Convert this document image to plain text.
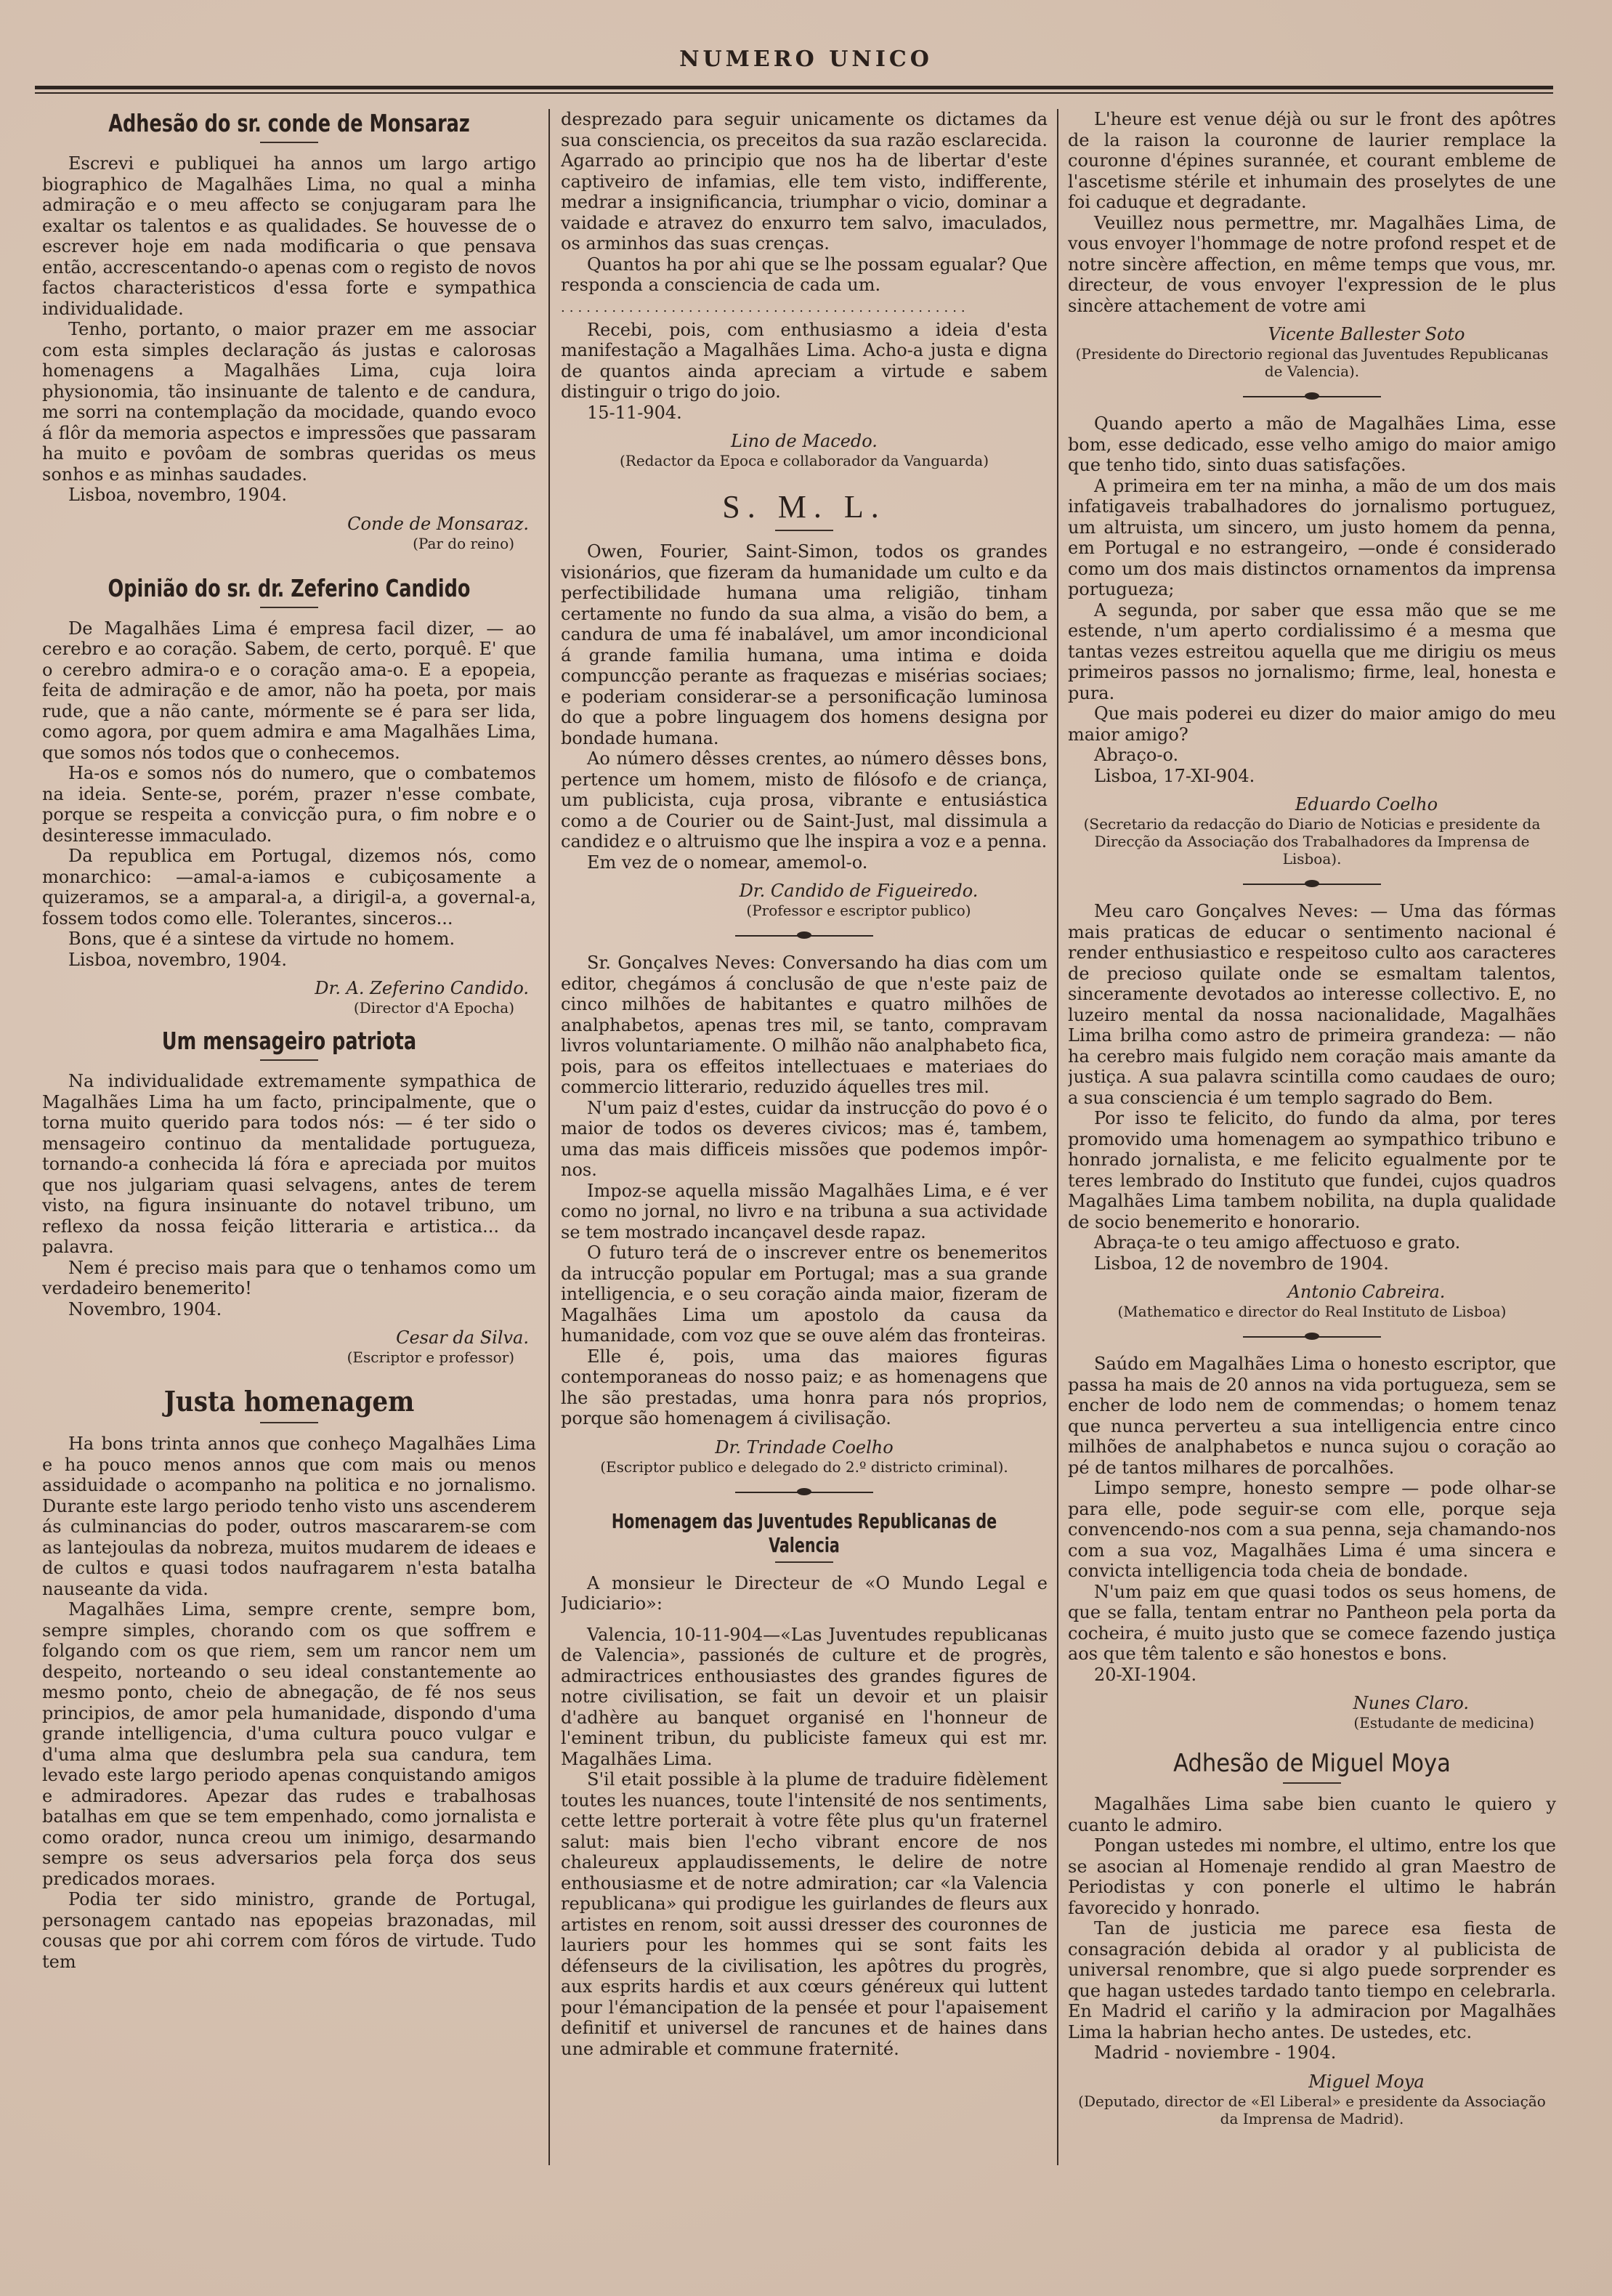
NUMERO UNICO
Adhesão do sr. conde de Monsaraz

Escrevi e publiquei ha annos um largo artigo biographico de Magalhães Lima, no qual a minha admiração e o meu affecto se conjugaram para lhe exaltar os talentos e as qualidades. Se houvesse de o escrever hoje em nada modificaria o que pensava então, accrescentando-o apenas com o registo de novos factos characteristicos d'essa forte e sympathica individualidade.

Tenho, portanto, o maior prazer em me associar com esta simples declaração ás justas e calorosas homenagens a Magalhães Lima, cuja loira physionomia, tão insinuante de talento e de candura, me sorri na contemplação da mocidade, quando evoco á flôr da memoria aspectos e impressões que passaram ha muito e povôam de sombras queridas os meus sonhos e as minhas saudades.

Lisboa, novembro, 1904.
Conde de Monsaraz.
(Par do reino)
Opinião do sr. dr. Zeferino Candido

De Magalhães Lima é empresa facil dizer, — ao cerebro e ao coração. Sabem, de certo, porquê. E' que o cerebro admira-o e o coração ama-o. E a epopeia, feita de admiração e de amor, não ha poeta, por mais rude, que a não cante, mórmente se é para ser lida, como agora, por quem admira e ama Magalhães Lima, que somos nós todos que o conhecemos.

Ha-os e somos nós do numero, que o combatemos na ideia. Sente-se, porém, prazer n'esse combate, porque se respeita a convicção pura, o fim nobre e o desinteresse immaculado.

Da republica em Portugal, dizemos nós, como monarchico: —amal-a-iamos e cubiçosamente a quizeramos, se a amparal-a, a dirigil-a, a governal-a, fossem todos como elle. Tolerantes, sinceros...

Bons, que é a sintese da virtude no homem.

Lisboa, novembro, 1904.
Dr. A. Zeferino Candido.
(Director d'A Epocha)
Um mensageiro patriota

Na individualidade extremamente sympathica de Magalhães Lima ha um facto, principalmente, que o torna muito querido para todos nós: — é ter sido o mensageiro continuo da mentalidade portugueza, tornando-a conhecida lá fóra e apreciada por muitos que nos julgariam quasi selvagens, antes de terem visto, na figura insinuante do notavel tribuno, um reflexo da nossa feição litteraria e artistica... da palavra.

Nem é preciso mais para que o tenhamos como um verdadeiro benemerito!

Novembro, 1904.
Cesar da Silva.
(Escriptor e professor)
Justa homenagem

Ha bons trinta annos que conheço Magalhães Lima e ha pouco menos annos que com mais ou menos assiduidade o acompanho na politica e no jornalismo. Durante este largo periodo tenho visto uns ascenderem ás culminancias do poder, outros mascararem-se com as lantejoulas da nobreza, muitos mudarem de ideaes e de cultos e quasi todos naufragarem n'esta batalha nauseante da vida.

Magalhães Lima, sempre crente, sempre bom, sempre simples, chorando com os que soffrem e folgando com os que riem, sem um rancor nem um despeito, norteando o seu ideal constantemente ao mesmo ponto, cheio de abnegação, de fé nos seus principios, de amor pela humanidade, dispondo d'uma grande intelligencia, d'uma cultura pouco vulgar e d'uma alma que deslumbra pela sua candura, tem levado este largo periodo apenas conquistando amigos e admiradores. Apezar das rudes e trabalhosas batalhas em que se tem empenhado, como jornalista e como orador, nunca creou um inimigo, desarmando sempre os seus adversarios pela força dos seus predicados moraes.

Podia ter sido ministro, grande de Portugal, personagem cantado nas epopeias brazonadas, mil cousas que por ahi correm com fóros de virtude. Tudo tem

desprezado para seguir unicamente os dictames da sua consciencia, os preceitos da sua razão esclarecida. Agarrado ao principio que nos ha de libertar d'este captiveiro de infamias, elle tem visto, indifferente, medrar a insignificancia, triumphar o vicio, dominar a vaidade e atravez do enxurro tem salvo, imaculados, os arminhos das suas crenças.

Quantos ha por ahi que se lhe possam egualar? Que responda a consciencia de cada um.

................................................

Recebi, pois, com enthusiasmo a ideia d'esta manifestação a Magalhães Lima. Acho-a justa e digna de quantos ainda apreciam a virtude e sabem distinguir o trigo do joio.

15-11-904.
Lino de Macedo.
(Redactor da Epoca e collaborador da Vanguarda)
S. M. L.

Owen, Fourier, Saint-Simon, todos os grandes visionários, que fizeram da humanidade um culto e da perfectibilidade humana uma religião, tinham certamente no fundo da sua alma, a visão do bem, a candura de uma fé inabalável, um amor incondicional á grande familia humana, uma intima e doida compuncção perante as fraquezas e misérias sociaes; e poderiam considerar-se a personificação luminosa do que a pobre linguagem dos homens designa por bondade humana.

Ao número dêsses crentes, ao número dêsses bons, pertence um homem, misto de filósofo e de criança, um publicista, cuja prosa, vibrante e entusiástica como a de Courier ou de Saint-Just, mal dissimula a candidez e o altruismo que lhe inspira a voz e a penna.

Em vez de o nomear, amemol-o.

Dr. Candido de Figueiredo.
(Professor e escriptor publico)

Sr. Gonçalves Neves: Conversando ha dias com um editor, chegámos á conclusão de que n'este paiz de cinco milhões de habitantes e quatro milhões de analphabetos, apenas tres mil, se tanto, compravam livros voluntariamente. O milhão não analphabeto fica, pois, para os effeitos intellectuaes e materiaes do commercio litterario, reduzido áquelles tres mil.

N'um paiz d'estes, cuidar da instrucção do povo é o maior de todos os deveres civicos; mas é, tambem, uma das mais difficeis missões que podemos impôr-nos.

Impoz-se aquella missão Magalhães Lima, e é ver como no jornal, no livro e na tribuna a sua actividade se tem mostrado incançavel desde rapaz.

O futuro terá de o inscrever entre os benemeritos da intrucção popular em Portugal; mas a sua grande intelligencia, e o seu coração ainda maior, fizeram de Magalhães Lima um apostolo da causa da humanidade, com voz que se ouve além das fronteiras.

Elle é, pois, uma das maiores figuras contemporaneas do nosso paiz; e as homenagens que lhe são prestadas, uma honra para nós proprios, porque são homenagem á civilisação.

Dr. Trindade Coelho
(Escriptor publico e delegado do 2.º districto criminal).
Homenagem das Juventudes Republicanas de Valencia

A monsieur le Directeur de «O Mundo Legal e Judiciario»:

Valencia, 10-11-904—«Las Juventudes republicanas de Valencia», passionés de culture et de progrès, admiractrices enthousiastes des grandes figures de notre civilisation, se fait un devoir et un plaisir d'adhère au banquet organisé en l'honneur de l'eminent tribun, du publiciste fameux qui est mr. Magalhães Lima.

S'il etait possible à la plume de traduire fidèlement toutes les nuances, toute l'intensité de nos sentiments, cette lettre porterait à votre fête plus qu'un fraternel salut: mais bien l'echo vibrant encore de nos chaleureux applaudissements, le delire de notre enthousiasme et de notre admiration; car «la Valencia republicana» qui prodigue les guirlandes de fleurs aux artistes en renom, soit aussi dresser des couronnes de lauriers pour les hommes qui se sont faits les défenseurs de la civilisation, les apôtres du progrès, aux esprits hardis et aux cœurs généreux qui luttent pour l'émancipation de la pensée et pour l'apaisement definitif et universel de rancunes et de haines dans une admirable et commune fraternité.

L'heure est venue déjà ou sur le front des apôtres de la raison la couronne de laurier remplace la couronne d'épines surannée, et courant embleme de l'ascetisme stérile et inhumain des proselytes de une foi caduque et degradante.

Veuillez nous permettre, mr. Magalhães Lima, de vous envoyer l'hommage de notre profond respet et de notre sincère affection, en même temps que vous, mr. directeur, de vous envoyer l'expression de le plus sincère attachement de votre ami

Vicente Ballester Soto
(Presidente do Directorio regional das Juventudes Republicanas de Valencia).

Quando aperto a mão de Magalhães Lima, esse bom, esse dedicado, esse velho amigo do maior amigo que tenho tido, sinto duas satisfações.

A primeira em ter na minha, a mão de um dos mais infatigaveis trabalhadores do jornalismo portuguez, um altruista, um sincero, um justo homem da penna, em Portugal e no estrangeiro, —onde é considerado como um dos mais distinctos ornamentos da imprensa portugueza;

A segunda, por saber que essa mão que se me estende, n'um aperto cordialissimo é a mesma que tantas vezes estreitou aquella que me dirigiu os meus primeiros passos no jornalismo; firme, leal, honesta e pura.

Que mais poderei eu dizer do maior amigo do meu maior amigo?

Abraço-o.

Lisboa, 17-XI-904.
Eduardo Coelho
(Secretario da redacção do Diario de Noticias e presidente da Direcção da Associação dos Trabalhadores da Imprensa de Lisboa).

Meu caro Gonçalves Neves: — Uma das fórmas mais praticas de educar o sentimento nacional é render enthusiastico e respeitoso culto aos caracteres de precioso quilate onde se esmaltam talentos, sinceramente devotados ao interesse collectivo. E, no luzeiro mental da nossa nacionalidade, Magalhães Lima brilha como astro de primeira grandeza: — não ha cerebro mais fulgido nem coração mais amante da justiça. A sua palavra scintilla como caudaes de ouro; a sua consciencia é um templo sagrado do Bem.

Por isso te felicito, do fundo da alma, por teres promovido uma homenagem ao sympathico tribuno e honrado jornalista, e me felicito egualmente por te teres lembrado do Instituto que fundei, cujos quadros Magalhães Lima tambem nobilita, na dupla qualidade de socio benemerito e honorario.

Abraça-te o teu amigo affectuoso e grato.

Lisboa, 12 de novembro de 1904.
Antonio Cabreira.
(Mathematico e director do Real Instituto de Lisboa)

Saúdo em Magalhães Lima o honesto escriptor, que passa ha mais de 20 annos na vida portugueza, sem se encher de lodo nem de commendas; o homem tenaz que nunca perverteu a sua intelligencia entre cinco milhões de analphabetos e nunca sujou o coração ao pé de tantos milhares de porcalhões.

Limpo sempre, honesto sempre — pode olhar-se para elle, pode seguir-se com elle, porque seja convencendo-nos com a sua penna, seja chamando-nos com a sua voz, Magalhães Lima é uma sincera e convicta intelligencia toda cheia de bondade.

N'um paiz em que quasi todos os seus homens, de que se falla, tentam entrar no Pantheon pela porta da cocheira, é muito justo que se comece fazendo justiça aos que têm talento e são honestos e bons.

20-XI-1904.
Nunes Claro.
(Estudante de medicina)
Adhesão de Miguel Moya

Magalhães Lima sabe bien cuanto le quiero y cuanto le admiro.

Pongan ustedes mi nombre, el ultimo, entre los que se asocian al Homenaje rendido al gran Maestro de Periodistas y con ponerle el ultimo le habrán favorecido y honrado.

Tan de justicia me parece esa fiesta de consagración debida al orador y al publicista de universal renombre, que si algo puede sorprender es que hagan ustedes tardado tanto tiempo en celebrarla. En Madrid el cariño y la admiracion por Magalhães Lima la habrian hecho antes. De ustedes, etc.

Madrid - noviembre - 1904.
Miguel Moya
(Deputado, director de «El Liberal» e presidente da Associação da Imprensa de Madrid).
